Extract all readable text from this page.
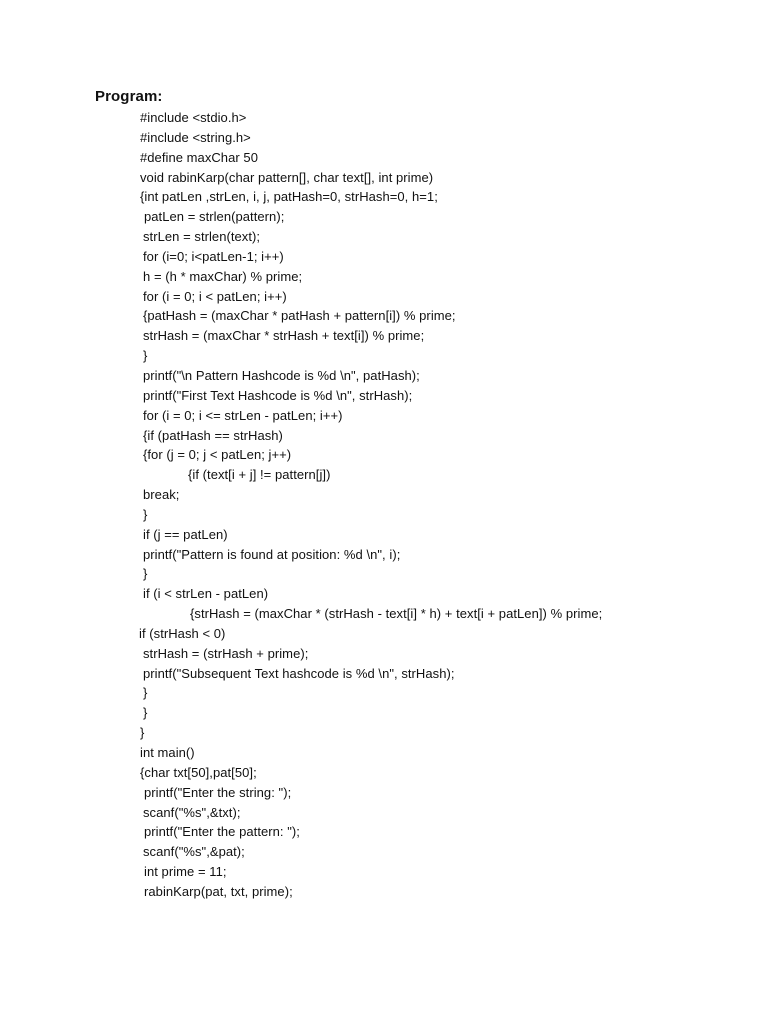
Program:
#include <stdio.h>
#include <string.h>
#define maxChar 50
void rabinKarp(char pattern[], char text[], int prime)
{int patLen ,strLen, i, j, patHash=0, strHash=0, h=1;
patLen = strlen(pattern);
strLen = strlen(text);
for (i=0; i<patLen-1; i++)
h = (h * maxChar) % prime;
for (i = 0; i < patLen; i++)
{patHash = (maxChar * patHash + pattern[i]) % prime;
strHash = (maxChar * strHash + text[i]) % prime;
}
printf("\n Pattern Hashcode is %d \n", patHash);
printf("First Text Hashcode is %d \n", strHash);
for (i = 0; i <= strLen - patLen; i++)
{if (patHash == strHash)
{for (j = 0; j < patLen; j++)
{if (text[i + j] != pattern[j])
break;
}
if (j == patLen)
printf("Pattern is found at position: %d \n", i);
}
if (i < strLen - patLen)
{strHash = (maxChar * (strHash - text[i] * h) + text[i + patLen]) % prime;
if (strHash < 0)
strHash = (strHash + prime);
printf("Subsequent Text hashcode is %d \n", strHash);
}
}
}
int main()
{char txt[50],pat[50];
printf("Enter the string: ");
scanf("%s",&txt);
printf("Enter the pattern: ");
scanf("%s",&pat);
int prime = 11;
rabinKarp(pat, txt, prime);
